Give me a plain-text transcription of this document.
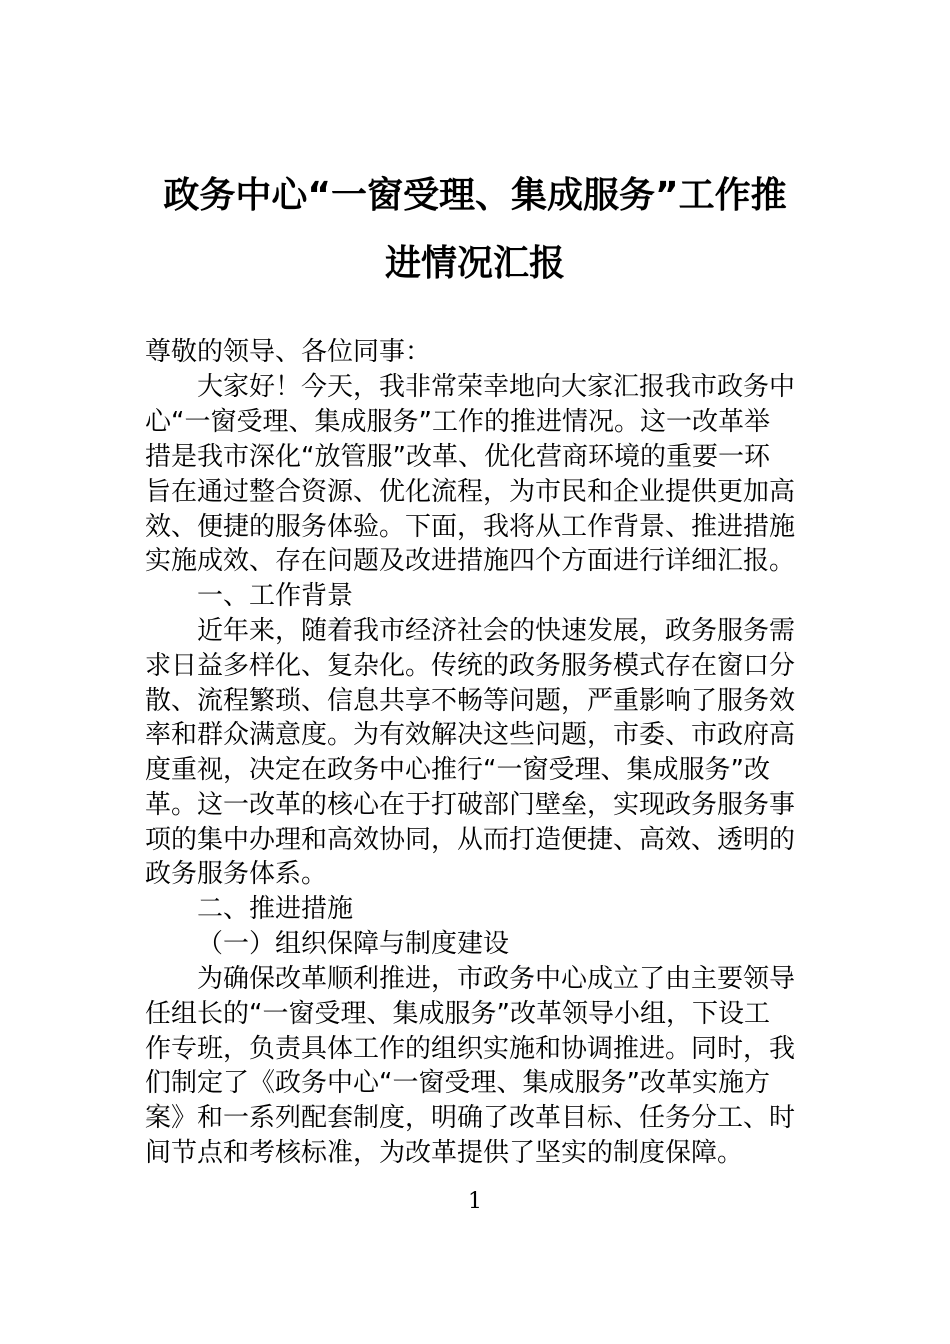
政务中心“一窗受理、集成服务”工作推
进情况汇报
尊敬的领导、各位同事：
大家好！今天，我非常荣幸地向大家汇报我市政务中
心“一窗受理、集成服务”工作的推进情况。这一改革举
措是我市深化“放管服”改革、优化营商环境的重要一环
旨在通过整合资源、优化流程，为市民和企业提供更加高
效、便捷的服务体验。下面，我将从工作背景、推进措施
实施成效、存在问题及改进措施四个方面进行详细汇报。
一、工作背景
近年来，随着我市经济社会的快速发展，政务服务需
求日益多样化、复杂化。传统的政务服务模式存在窗口分
散、流程繁琐、信息共享不畅等问题，严重影响了服务效
率和群众满意度。为有效解决这些问题，市委、市政府高
度重视，决定在政务中心推行“一窗受理、集成服务”改
革。这一改革的核心在于打破部门壁垒，实现政务服务事
项的集中办理和高效协同，从而打造便捷、高效、透明的
政务服务体系。
二、推进措施
（一）组织保障与制度建设
为确保改革顺利推进，市政务中心成立了由主要领导
任组长的“一窗受理、集成服务”改革领导小组，下设工
作专班，负责具体工作的组织实施和协调推进。同时，我
们制定了《政务中心“一窗受理、集成服务”改革实施方
案》和一系列配套制度，明确了改革目标、任务分工、时
间节点和考核标准，为改革提供了坚实的制度保障。
1
